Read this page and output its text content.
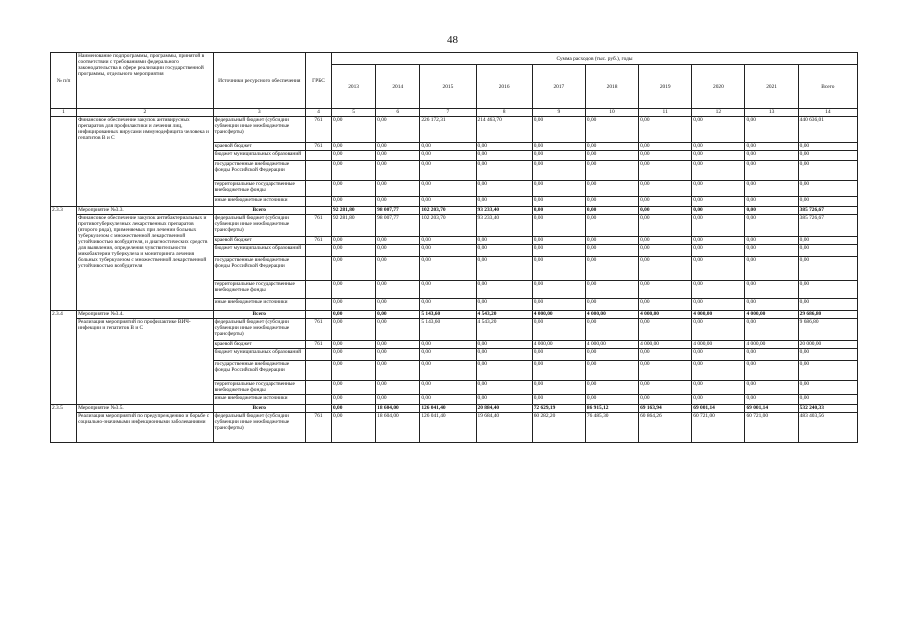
48
№ п/п	Наименование подпрограммы, программы, принятой в соответствии с требованиями федерального законодательства в сфере реализации государственной программы, отдельного мероприятия	Источники ресурсного обеспечения	ГРБС	Сумма расходов (тыс. руб.), годы									
				2013	2014	2015	2016	2017	2018	2019	2020	2021	Всего
1	2	3	4	5	6	7	8	9	10	11	12	13	14
	Финансовое обеспечение закупок антивирусных препаратов для профилактики и лечения лиц, инфицированных вирусами иммунодефицита человека и гепатитов В и С	федеральный бюджет (субсидии субвенции иные межбюджетные трансферты)	761	0,00	0,00	226 172,31	214 463,70	0,00	0,00	0,00	0,00	0,00	440 636,01
		краевой бюджет	761	0,00	0,00	0,00	0,00	0,00	0,00	0,00	0,00	0,00	0,00
		бюджет муниципальных образований		0,00	0,00	0,00	0,00	0,00	0,00	0,00	0,00	0,00	0,00
		государственные внебюджетные фонды Российской Федерации		0,00	0,00	0,00	0,00	0,00	0,00	0,00	0,00	0,00	0,00
		территориальные государственные внебюджетные фонды		0,00	0,00	0,00	0,00	0,00	0,00	0,00	0,00	0,00	0,00
		иные внебюджетные источники		0,00	0,00	0,00	0,00	0,00	0,00	0,00	0,00	0,00	0,00
2.3.3	Мероприятие №3.3.	Всего		92 281,80	98 007,77	102 203,70	93 233,40	0,00	0,00	0,00	0,00	0,00	385 726,67
	Финансовое обеспечение закупок антибактериальных и противотуберкулезных лекарственных препаратов (второго ряда), применяемых при лечении больных туберкулезом с множественной лекарственной устойчивостью возбудителя, и диагностических средств для выявления, определения чувствительности микобактерии туберкулеза и мониторинга лечения больных туберкулезом с множественной лекарственной устойчивостью возбудителя	федеральный бюджет (субсидии субвенции иные межбюджетные трансферты)	761	92 281,80	98 007,77	102 203,70	93 233,40	0,00	0,00	0,00	0,00	0,00	385 726,67
		краевой бюджет	761	0,00	0,00	0,00	0,00	0,00	0,00	0,00	0,00	0,00	0,00
		бюджет муниципальных образований		0,00	0,00	0,00	0,00	0,00	0,00	0,00	0,00	0,00	0,00
		государственные внебюджетные фонды Российской Федерации		0,00	0,00	0,00	0,00	0,00	0,00	0,00	0,00	0,00	0,00
		территориальные государственные внебюджетные фонды		0,00	0,00	0,00	0,00	0,00	0,00	0,00	0,00	0,00	0,00
		иные внебюджетные источники		0,00	0,00	0,00	0,00	0,00	0,00	0,00	0,00	0,00	0,00
2.3.4	Мероприятие №3.4.	Всего		0,00	0,00	5 143,60	4 543,20	4 000,00	4 000,00	4 000,00	4 000,00	4 000,00	29 686,80
	Реализация мероприятий по профилактике ВИЧ-инфекции и гепатитов В и С	федеральный бюджет (субсидии субвенции иные межбюджетные трансферты)	761	0,00	0,00	5 143,60	4 543,20	0,00	0,00	0,00	0,00	0,00	9 686,80
		краевой бюджет	761	0,00	0,00	0,00	0,00	4 000,00	4 000,00	4 000,00	4 000,00	4 000,00	20 000,00
		бюджет муниципальных образований		0,00	0,00	0,00	0,00	0,00	0,00	0,00	0,00	0,00	0,00
		государственные внебюджетные фонды Российской Федерации		0,00	0,00	0,00	0,00	0,00	0,00	0,00	0,00	0,00	0,00
		территориальные государственные внебюджетные фонды		0,00	0,00	0,00	0,00	0,00	0,00	0,00	0,00	0,00	0,00
		иные внебюджетные источники		0,00	0,00	0,00	0,00	0,00	0,00	0,00	0,00	0,00	0,00
2.3.5	Мероприятие №3.5.	Всего		0,00	18 604,00	126 041,40	20 884,40	72 629,19	86 915,12	69 163,94	69 001,14	69 001,14	532 240,33
	Реализация мероприятий по предупреждению и борьбе с социально-значимыми инфекционными заболеваниями	федеральный бюджет (субсидии субвенции иные межбюджетные трансферты)	761	0,00	18 604,00	126 041,40	19 684,40	60 282,20	76 485,30	60 864,26	60 721,00	60 721,00	483 403,56
